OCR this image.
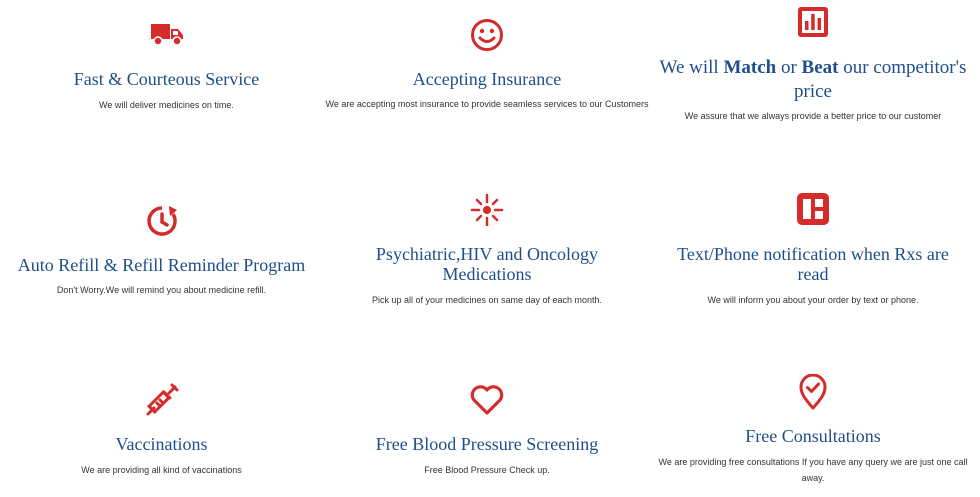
Fast & Courteous Service
We will deliver medicines on time.
Accepting Insurance
We are accepting most insurance to provide seamless services to our Customers
We will Match or Beat our competitor's price
We assure that we always provide a better price to our customer
Auto Refill & Refill Reminder Program
Don't Worry.We will remind you about medicine refill.
Psychiatric,HIV and Oncology Medications
Pick up all of your medicines on same day of each month.
Text/Phone notification when Rxs are read
We will inform you about your order by text or phone.
Vaccinations
We are providing all kind of vaccinations
Free Blood Pressure Screening
Free Blood Pressure Check up.
Free Consultations
We are providing free consultations If you have any query we are just one call away.
